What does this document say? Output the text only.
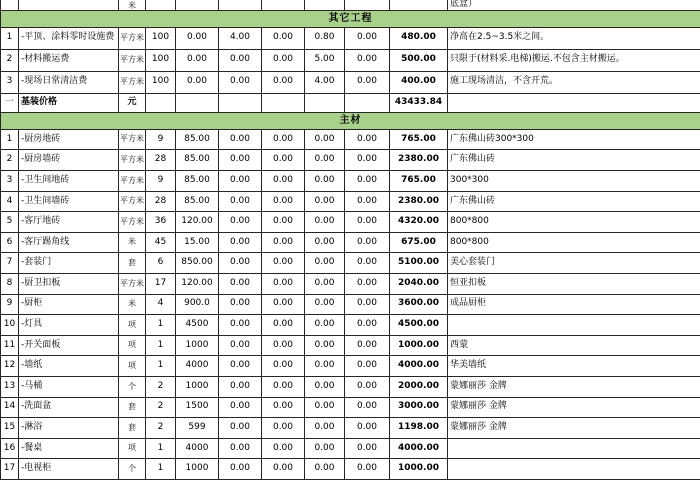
		米								底盒）
其它工程										
1	-平顶、涂料零时设施费	平方米	100	0.00	4.00	0.00	0.80	0.00	480.00	净高在2.5~3.5米之间。
2	-材料搬运费	平方米	100	0.00	0.00	0.00	5.00	0.00	500.00	只限于(材料采.电梯)搬运.不包含主材搬运。
3	-现场日常清洁费	平方米	100	0.00	0.00	0.00	4.00	0.00	400.00	施工现场清洁，不含开荒。
一	基装价格	元							43433.84	
主材										
1	-厨房地砖	平方米	9	85.00	0.00	0.00	0.00	0.00	765.00	广东佛山砖300*300
2	-厨房墙砖	平方米	28	85.00	0.00	0.00	0.00	0.00	2380.00	广东佛山砖
3	-卫生间地砖	平方米	9	85.00	0.00	0.00	0.00	0.00	765.00	300*300
4	-卫生间墙砖	平方米	28	85.00	0.00	0.00	0.00	0.00	2380.00	广东佛山砖
5	-客厅地砖	平方米	36	120.00	0.00	0.00	0.00	0.00	4320.00	800*800
6	-客厅踢角线	米	45	15.00	0.00	0.00	0.00	0.00	675.00	800*800
7	-套装门	套	6	850.00	0.00	0.00	0.00	0.00	5100.00	美心套装门
8	-厨卫扣板	平方米	17	120.00	0.00	0.00	0.00	0.00	2040.00	恒亚扣板
9	-厨柜	米	4	900.0	0.00	0.00	0.00	0.00	3600.00	成品厨柜
10	-灯具	项	1	4500	0.00	0.00	0.00	0.00	4500.00	
11	-开关面板	项	1	1000	0.00	0.00	0.00	0.00	1000.00	西蒙
12	-墙纸	项	1	4000	0.00	0.00	0.00	0.00	4000.00	华美墙纸
13	-马桶	个	2	1000	0.00	0.00	0.00	0.00	2000.00	蒙娜丽莎 金牌
14	-洗面盆	套	2	1500	0.00	0.00	0.00	0.00	3000.00	蒙娜丽莎 金牌
15	-淋浴	套	2	599	0.00	0.00	0.00	0.00	1198.00	蒙娜丽莎 金牌
16	-餐桌	项	1	4000	0.00	0.00	0.00	0.00	4000.00	
17	-电视柜	个	1	1000	0.00	0.00	0.00	0.00	1000.00	
